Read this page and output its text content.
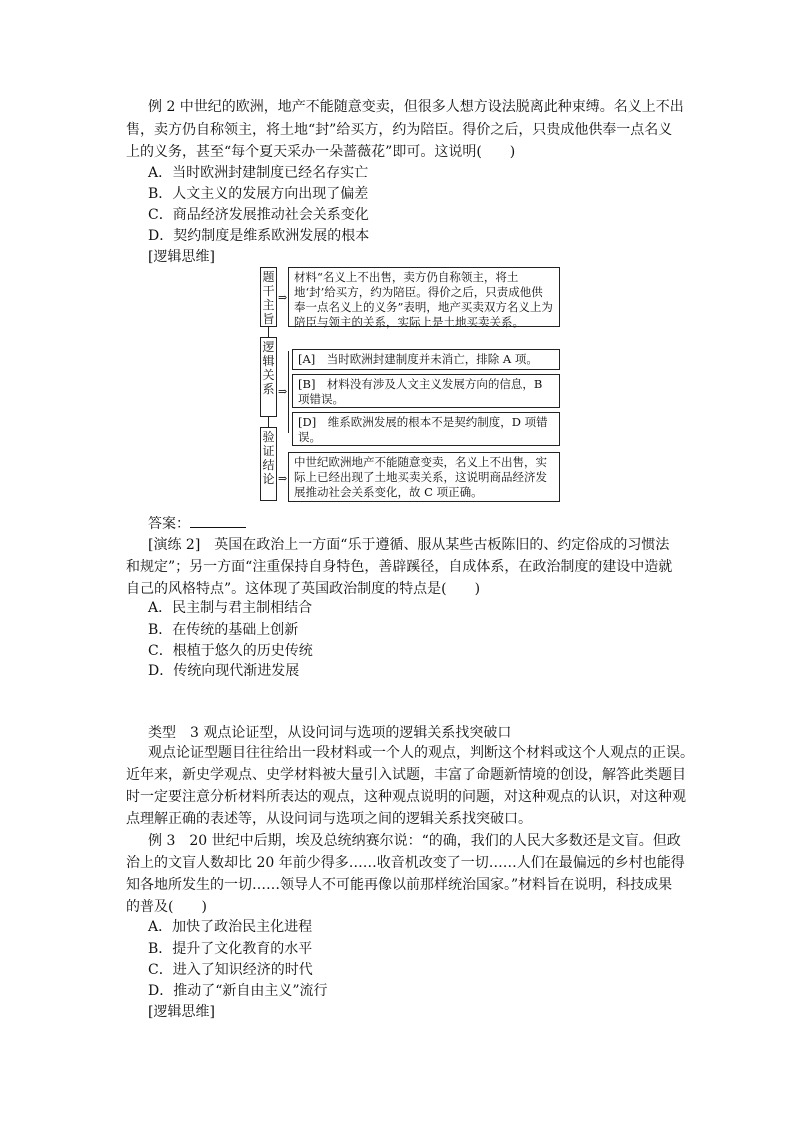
例 2 中世纪的欧洲，地产不能随意变卖，但很多人想方设法脱离此种束缚。名义上不出
售，卖方仍自称领主，将土地“封”给买方，约为陪臣。得价之后，只贵成他供奉一点名义
上的义务，甚至“每个夏天采办一朵蔷薇花”即可。这说明(　　)
A．当时欧洲封建制度已经名存实亡
B．人文主义的发展方向出现了偏差
C．商品经济发展推动社会关系变化
D．契约制度是维系欧洲发展的根本
[逻辑思维]
题
干
主
旨
⇒
材料“名义上不出售，卖方仍自称领主，将土地‘封’给买方，约为陪臣。得价之后，只责成他供奉一点名义上的义务”表明，地产买卖双方名义上为陪臣与领主的关系，实际上是土地买卖关系。
逻
辑
关
系 ⇒
[A]　当时欧洲封建制度并未消亡，排除 A 项。
[B]　材料没有涉及人文主义发展方向的信息，B 项错误。
[D]　维系欧洲发展的根本不是契约制度，D 项错误。
验
证
结
论 ⇒
中世纪欧洲地产不能随意变卖，名义上不出售，实际上已经出现了土地买卖关系，这说明商品经济发展推动社会关系变化，故 C 项正确。
答案：
[演练 2]　英国在政治上一方面“乐于遵循、服从某些古板陈旧的、约定俗成的习惯法
和规定”；另一方面“注重保持自身特色，善辟蹊径，自成体系，在政治制度的建设中造就
自己的风格特点”。这体现了英国政治制度的特点是(　　)
A．民主制与君主制相结合
B．在传统的基础上创新
C．根植于悠久的历史传统
D．传统向现代渐进发展
类型　3 观点论证型，从设问词与选项的逻辑关系找突破口
观点论证型题目往往给出一段材料或一个人的观点，判断这个材料或这个人观点的正误。
近年来，新史学观点、史学材料被大量引入试题，丰富了命题新情境的创设，解答此类题目
时一定要注意分析材料所表达的观点，这种观点说明的问题，对这种观点的认识，对这种观
点理解正确的表述等，从设问词与选项之间的逻辑关系找突破口。
例 3　20 世纪中后期，埃及总统纳赛尔说：“的确，我们的人民大多数还是文盲。但政
治上的文盲人数却比 20 年前少得多……收音机改变了一切……人们在最偏远的乡村也能得
知各地所发生的一切……领导人不可能再像以前那样统治国家。”材料旨在说明，科技成果
的普及(　　)
A．加快了政治民主化进程
B．提升了文化教育的水平
C．进入了知识经济的时代
D．推动了“新自由主义”流行
[逻辑思维]
